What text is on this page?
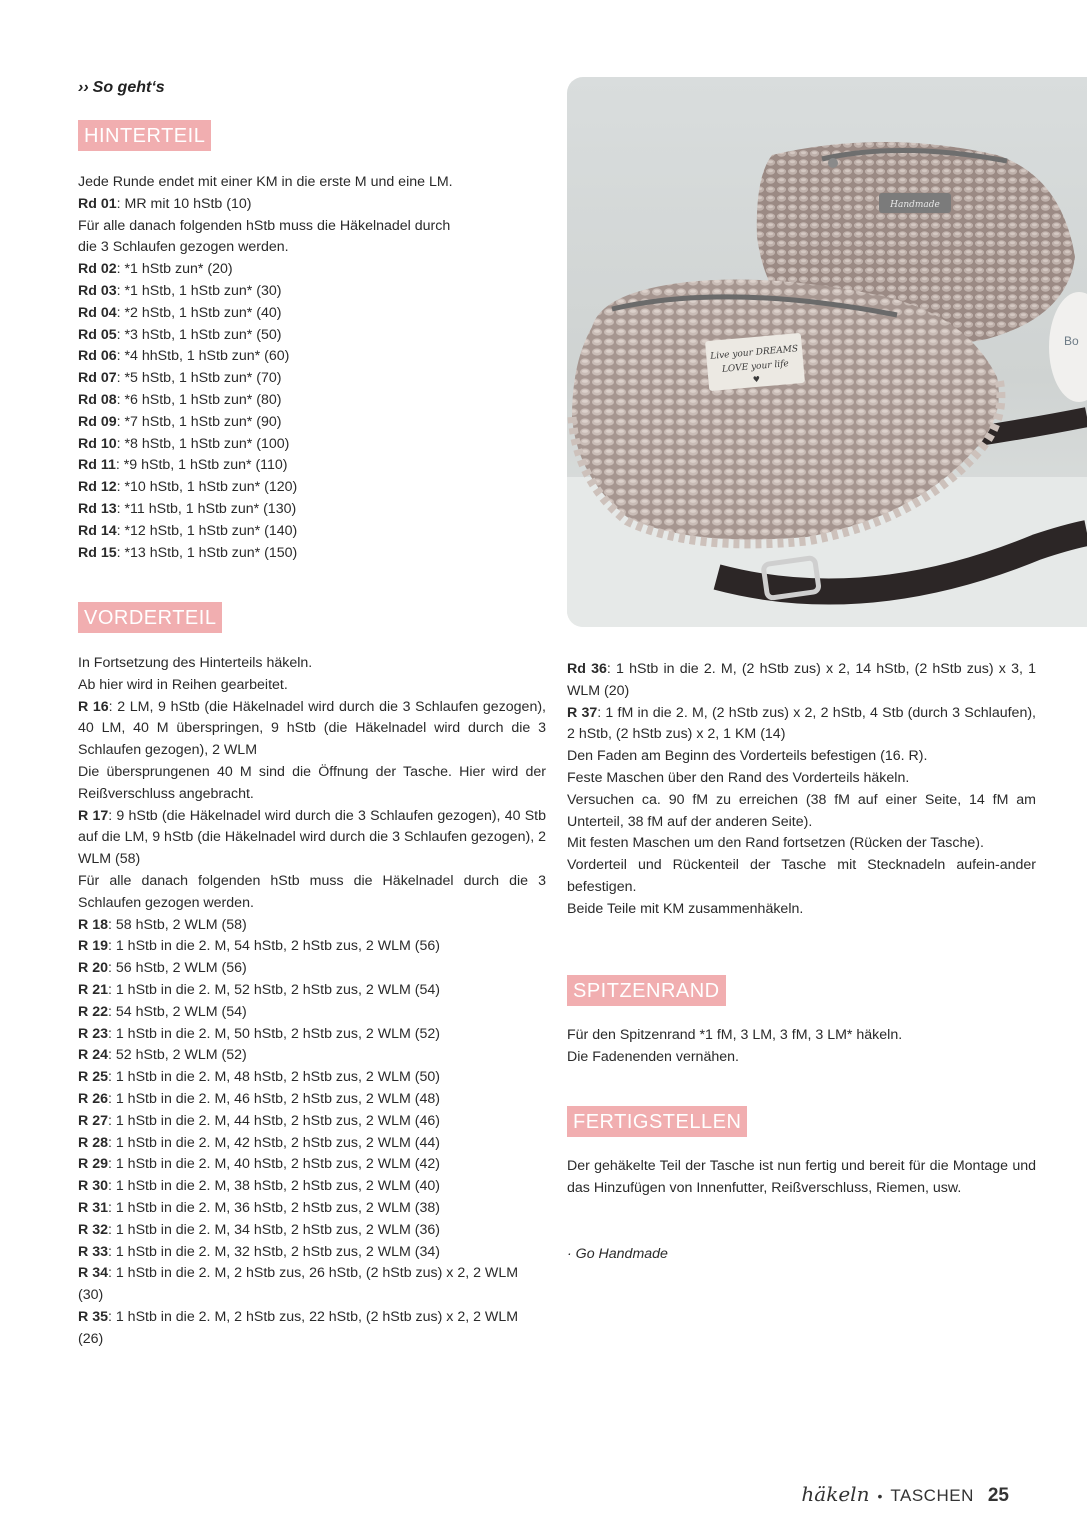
›› So geht‘s
HINTERTEIL

Jede Runde endet mit einer KM in die erste M und eine LM.

Rd 01: MR mit 10 hStb (10)

Für alle danach folgenden hStb muss die Häkelnadel durch

die 3 Schlaufen gezogen werden.

Rd 02: *1 hStb zun* (20)

Rd 03: *1 hStb, 1 hStb zun* (30)

Rd 04: *2 hStb, 1 hStb zun* (40)

Rd 05: *3 hStb, 1 hStb zun* (50)

Rd 06: *4 hhStb, 1 hStb zun* (60)

Rd 07: *5 hStb, 1 hStb zun* (70)

Rd 08: *6 hStb, 1 hStb zun* (80)

Rd 09: *7 hStb, 1 hStb zun* (90)

Rd 10: *8 hStb, 1 hStb zun* (100)

Rd 11: *9 hStb, 1 hStb zun* (110)

Rd 12: *10 hStb, 1 hStb zun* (120)

Rd 13: *11 hStb, 1 hStb zun* (130)

Rd 14: *12 hStb, 1 hStb zun* (140)

Rd 15: *13 hStb, 1 hStb zun* (150)

VORDERTEIL

In Fortsetzung des Hinterteils häkeln.

Ab hier wird in Reihen gearbeitet.

R 16: 2 LM, 9 hStb (die Häkelnadel wird durch die 3 Schlaufen gezogen), 40 LM, 40 M überspringen, 9 hStb (die Häkelnadel wird durch die 3 Schlaufen gezogen), 2 WLM

Die übersprungenen 40 M sind die Öffnung der Tasche. Hier wird der Reißverschluss angebracht.

R 17: 9 hStb (die Häkelnadel wird durch die 3 Schlaufen gezogen), 40 Stb auf die LM, 9 hStb (die Häkelnadel wird durch die 3 Schlaufen gezogen), 2 WLM (58)

Für alle danach folgenden hStb muss die Häkelnadel durch die 3 Schlaufen gezogen werden.

R 18: 58 hStb, 2 WLM (58)

R 19: 1 hStb in die 2. M, 54 hStb, 2 hStb zus, 2 WLM (56)

R 20: 56 hStb, 2 WLM (56)

R 21: 1 hStb in die 2. M, 52 hStb, 2 hStb zus, 2 WLM (54)

R 22: 54 hStb, 2 WLM (54)

R 23: 1 hStb in die 2. M, 50 hStb, 2 hStb zus, 2 WLM (52)

R 24: 52 hStb, 2 WLM (52)

R 25: 1 hStb in die 2. M, 48 hStb, 2 hStb zus, 2 WLM (50)

R 26: 1 hStb in die 2. M, 46 hStb, 2 hStb zus, 2 WLM (48)

R 27: 1 hStb in die 2. M, 44 hStb, 2 hStb zus, 2 WLM (46)

R 28: 1 hStb in die 2. M, 42 hStb, 2 hStb zus, 2 WLM (44)

R 29: 1 hStb in die 2. M, 40 hStb, 2 hStb zus, 2 WLM (42)

R 30: 1 hStb in die 2. M, 38 hStb, 2 hStb zus, 2 WLM (40)

R 31: 1 hStb in die 2. M, 36 hStb, 2 hStb zus, 2 WLM (38)

R 32: 1 hStb in die 2. M, 34 hStb, 2 hStb zus, 2 WLM (36)

R 33: 1 hStb in die 2. M, 32 hStb, 2 hStb zus, 2 WLM (34)

R 34: 1 hStb in die 2. M, 2 hStb zus, 26 hStb, (2 hStb zus) x 2, 2 WLM (30)

R 35: 1 hStb in die 2. M, 2 hStb zus, 22 hStb, (2 hStb zus) x 2, 2 WLM (26)

Handmade
Bo
Live your DREAMS
LOVE your life
♥

Rd 36: 1 hStb in die 2. M, (2 hStb zus) x 2, 14 hStb, (2 hStb zus) x 3, 1 WLM (20)

R 37: 1 fM in die 2. M, (2 hStb zus) x 2, 2 hStb, 4 Stb (durch 3 Schlaufen), 2 hStb, (2 hStb zus) x 2, 1 KM (14)

Den Faden am Beginn des Vorderteils befestigen (16. R).

Feste Maschen über den Rand des Vorderteils häkeln.

Versuchen ca. 90 fM zu erreichen (38 fM auf einer Seite, 14 fM am Unterteil, 38 fM auf der anderen Seite).

Mit festen Maschen um den Rand fortsetzen (Rücken der Tasche).

Vorderteil und Rückenteil der Tasche mit Stecknadeln aufein-ander befestigen.

Beide Teile mit KM zusammenhäkeln.

SPITZENRAND

Für den Spitzenrand *1 fM, 3 LM, 3 fM, 3 LM* häkeln.

Die Fadenenden vernähen.

FERTIGSTELLEN

Der gehäkelte Teil der Tasche ist nun fertig und bereit für die Montage und das Hinzufügen von Innenfutter, Reißverschluss, Riemen, usw.

· Go Handmade
häkeln • TASCHEN 25
